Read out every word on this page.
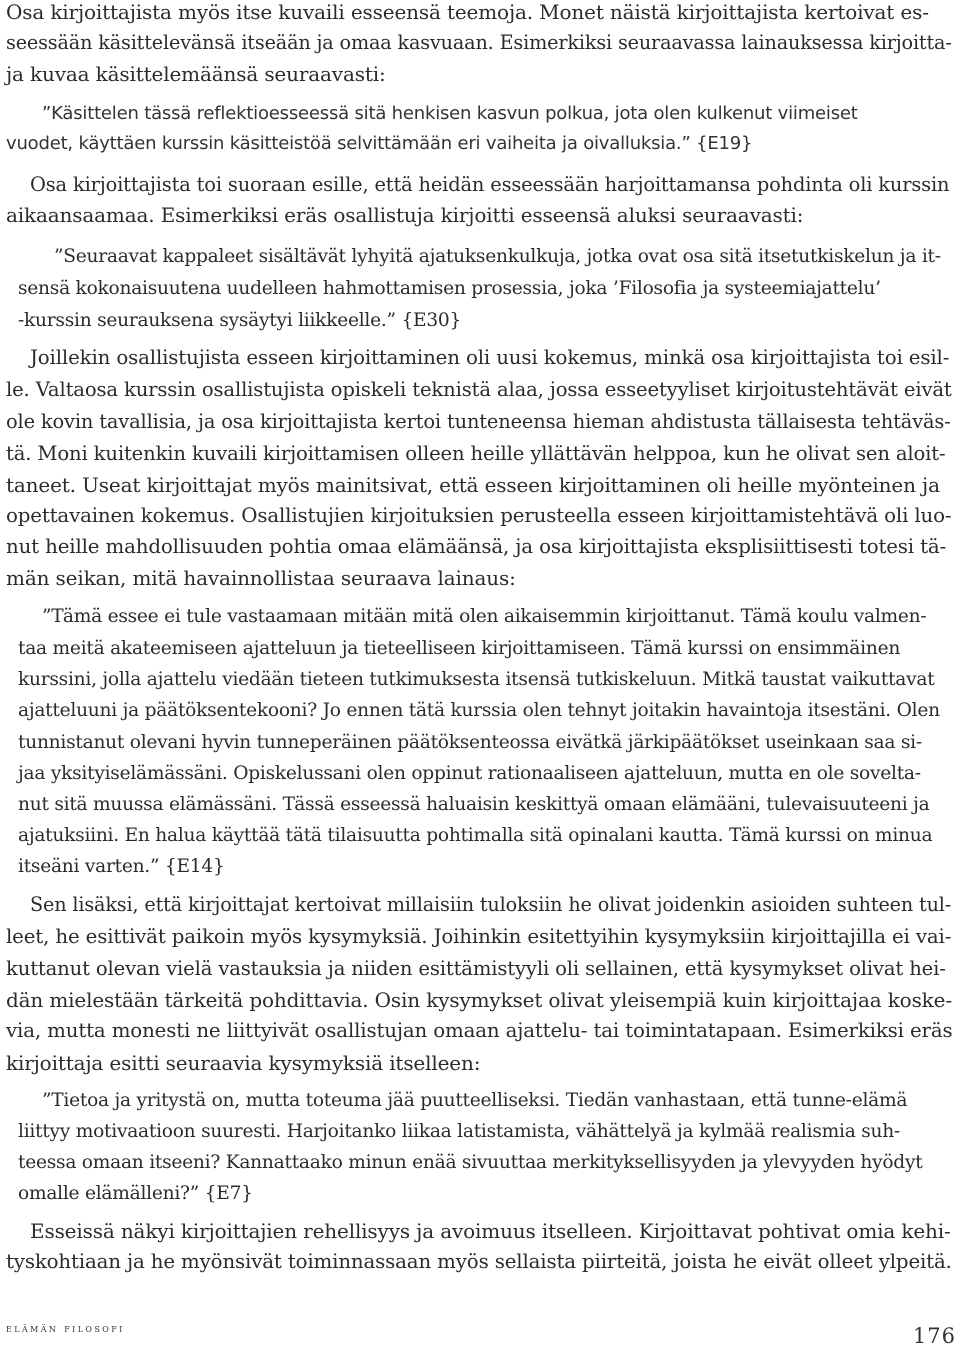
Osa kirjoittajista myös itse kuvaili esseensä teemoja. Monet näistä kirjoittajista kertoivat es-
seessään käsittelevänsä itseään ja omaa kasvuaan. Esimerkiksi seuraavassa lainauksessa kirjoitta-
ja kuvaa käsittelemäänsä seuraavasti:
”Käsittelen tässä reflektioesseessä sitä henkisen kasvun polkua, jota olen kulkenut viimeiset
vuodet, käyttäen kurssin käsitteistöä selvittämään eri vaiheita ja oivalluksia.” {E19}
Osa kirjoittajista toi suoraan esille, että heidän esseessään harjoittamansa pohdinta oli kurssin
aikaansaamaa. Esimerkiksi eräs osallistuja kirjoitti esseensä aluksi seuraavasti:
”Seuraavat kappaleet sisältävät lyhyitä ajatuksenkulkuja, jotka ovat osa sitä itsetutkiskelun ja it-
sensä kokonaisuutena uudelleen hahmottamisen prosessia, joka ’Filosofia ja systeemiajattelu’
-kurssin seurauksena sysäytyi liikkeelle.” {E30}
Joillekin osallistujista esseen kirjoittaminen oli uusi kokemus, minkä osa kirjoittajista toi esil-
le. Valtaosa kurssin osallistujista opiskeli teknistä alaa, jossa esseetyyliset kirjoitustehtävät eivät
ole kovin tavallisia, ja osa kirjoittajista kertoi tunteneensa hieman ahdistusta tällaisesta tehtäväs-
tä. Moni kuitenkin kuvaili kirjoittamisen olleen heille yllättävän helppoa, kun he olivat sen aloit-
taneet. Useat kirjoittajat myös mainitsivat, että esseen kirjoittaminen oli heille myönteinen ja
opettavainen kokemus. Osallistujien kirjoituksien perusteella esseen kirjoittamistehtävä oli luo-
nut heille mahdollisuuden pohtia omaa elämäänsä, ja osa kirjoittajista eksplisiittisesti totesi tä-
män seikan, mitä havainnollistaa seuraava lainaus:
”Tämä essee ei tule vastaamaan mitään mitä olen aikaisemmin kirjoittanut. Tämä koulu valmen-
taa meitä akateemiseen ajatteluun ja tieteelliseen kirjoittamiseen. Tämä kurssi on ensimmäinen
kurssini, jolla ajattelu viedään tieteen tutkimuksesta itsensä tutkiskeluun. Mitkä taustat vaikuttavat
ajatteluuni ja päätöksentekooni? Jo ennen tätä kurssia olen tehnyt joitakin havaintoja itsestäni. Olen
tunnistanut olevani hyvin tunneperäinen päätöksenteossa eivätkä järkipäätökset useinkaan saa si-
jaa yksityiselämässäni. Opiskelussani olen oppinut rationaaliseen ajatteluun, mutta en ole sovelta-
nut sitä muussa elämässäni. Tässä esseessä haluaisin keskittyä omaan elämääni, tulevaisuuteeni ja
ajatuksiini. En halua käyttää tätä tilaisuutta pohtimalla sitä opinalani kautta. Tämä kurssi on minua
itseäni varten.” {E14}
Sen lisäksi, että kirjoittajat kertoivat millaisiin tuloksiin he olivat joidenkin asioiden suhteen tul-
leet, he esittivät paikoin myös kysymyksiä. Joihinkin esitettyihin kysymyksiin kirjoittajilla ei vai-
kuttanut olevan vielä vastauksia ja niiden esittämistyyli oli sellainen, että kysymykset olivat hei-
dän mielestään tärkeitä pohdittavia. Osin kysymykset olivat yleisempiä kuin kirjoittajaa koske-
via, mutta monesti ne liittyivät osallistujan omaan ajattelu- tai toimintatapaan. Esimerkiksi eräs
kirjoittaja esitti seuraavia kysymyksiä itselleen:
”Tietoa ja yritystä on, mutta toteuma jää puutteelliseksi. Tiedän vanhastaan, että tunne-elämä
liittyy motivaatioon suuresti. Harjoitanko liikaa latistamista, vähättelyä ja kylmää realismia suh-
teessa omaan itseeni? Kannattaako minun enää sivuuttaa merkityksellisyyden ja ylevyyden hyödyt
omalle elämälleni?” {E7}
Esseissä näkyi kirjoittajien rehellisyys ja avoimuus itselleen. Kirjoittavat pohtivat omia kehi-
tyskohtiaan ja he myönsivät toiminnassaan myös sellaista piirteitä, joista he eivät olleet ylpeitä.
elämän filosofi	176
